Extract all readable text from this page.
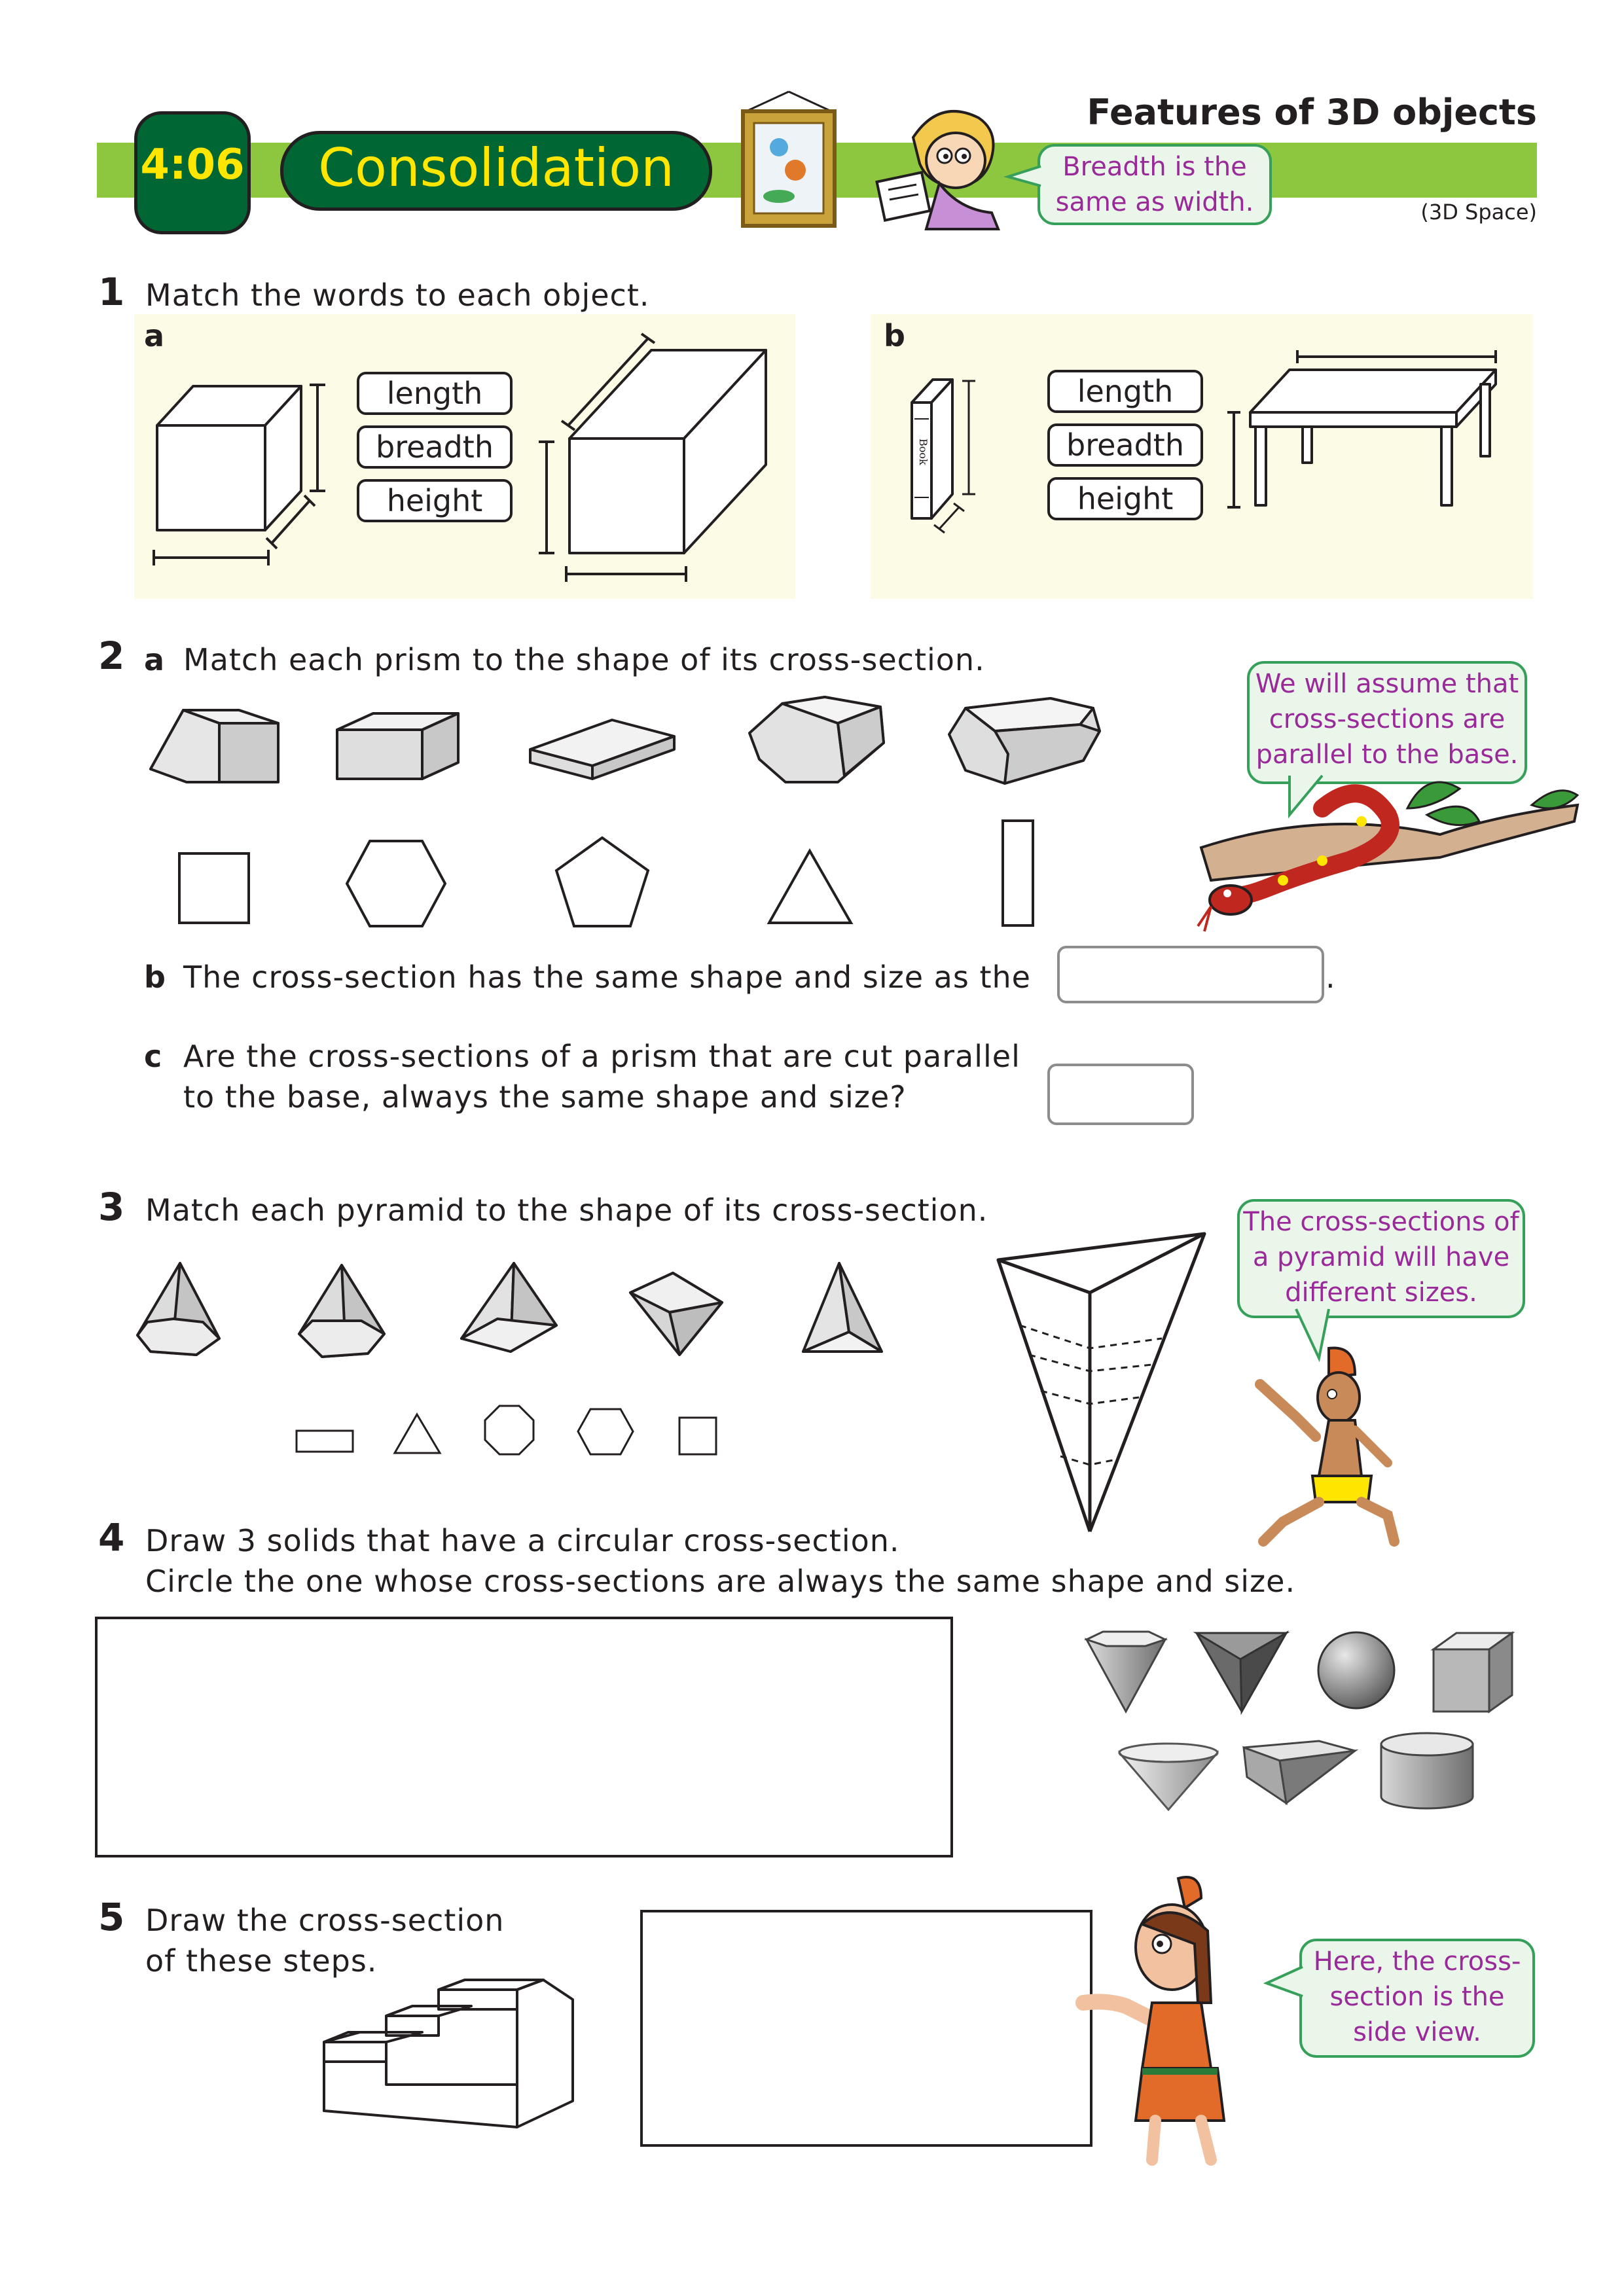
4:06	Consolidation
Features of 3D objects
(3D Space)
Breadth is the same as width.
1 Match the words to each object.
a
length
breadth
height
b
length
breadth
height
Book
2 a Match each prism to the shape of its cross-section.
We will assume that cross-sections are parallel to the base.
b The cross-section has the same shape and size as the	.
c Are the cross-sections of a prism that are cut parallel
to the base, always the same shape and size?
3 Match each pyramid to the shape of its cross-section.	The cross-sections of a pyramid will have different sizes.
4 Draw 3 solids that have a circular cross-section.
Circle the one whose cross-sections are always the same shape and size.
5 Draw the cross-section
of these steps.	Here, the cross-section is the side view.
